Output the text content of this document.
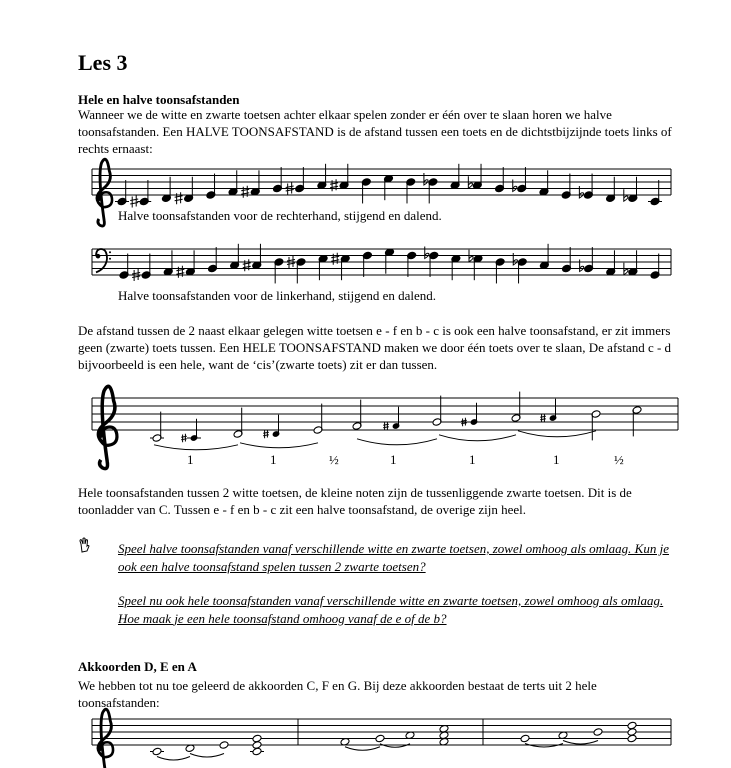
Les 3

Hele en halve toonsafstanden

Wanneer we de witte en zwarte toetsen achter elkaar spelen zonder er één over te slaan horen we halve toonsafstanden. Een HALVE TOONSAFSTAND is de afstand tussen een toets en de dichtstbijzijnde toets links of rechts ernaast:

Halve toonsafstanden voor de rechterhand, stijgend en dalend.
Halve toonsafstanden voor de linkerhand, stijgend en dalend.

De afstand tussen de 2 naast elkaar gelegen witte toetsen e - f en b - c is ook een halve toonsafstand, er zit immers geen (zwarte) toets tussen. Een HELE TOONSAFSTAND maken we door één toets over te slaan, De afstand c - d bijvoorbeeld is een hele, want de ‘cis’(zwarte toets) zit er dan tussen.

1	1	½	1	1	1	½

Hele toonsafstanden tussen 2 witte toetsen, de kleine noten zijn de tussenliggende zwarte toetsen. Dit is de toonladder van C. Tussen e - f en b - c zit een halve toonsafstand, de overige zijn heel.

Speel halve toonsafstanden vanaf verschillende witte en zwarte toetsen, zowel omhoog als omlaag. Kun je ook een halve toonsafstand spelen tussen 2 zwarte toetsen?

Speel nu ook hele toonsafstanden vanaf verschillende witte en zwarte toetsen, zowel omhoog als omlaag. Hoe maak je een hele toonsafstand omhoog vanaf de e of de b?

Akkoorden D, E en A

We hebben tot nu toe geleerd de akkoorden C, F en G. Bij deze akkoorden bestaat de terts uit 2 hele toonsafstanden:
